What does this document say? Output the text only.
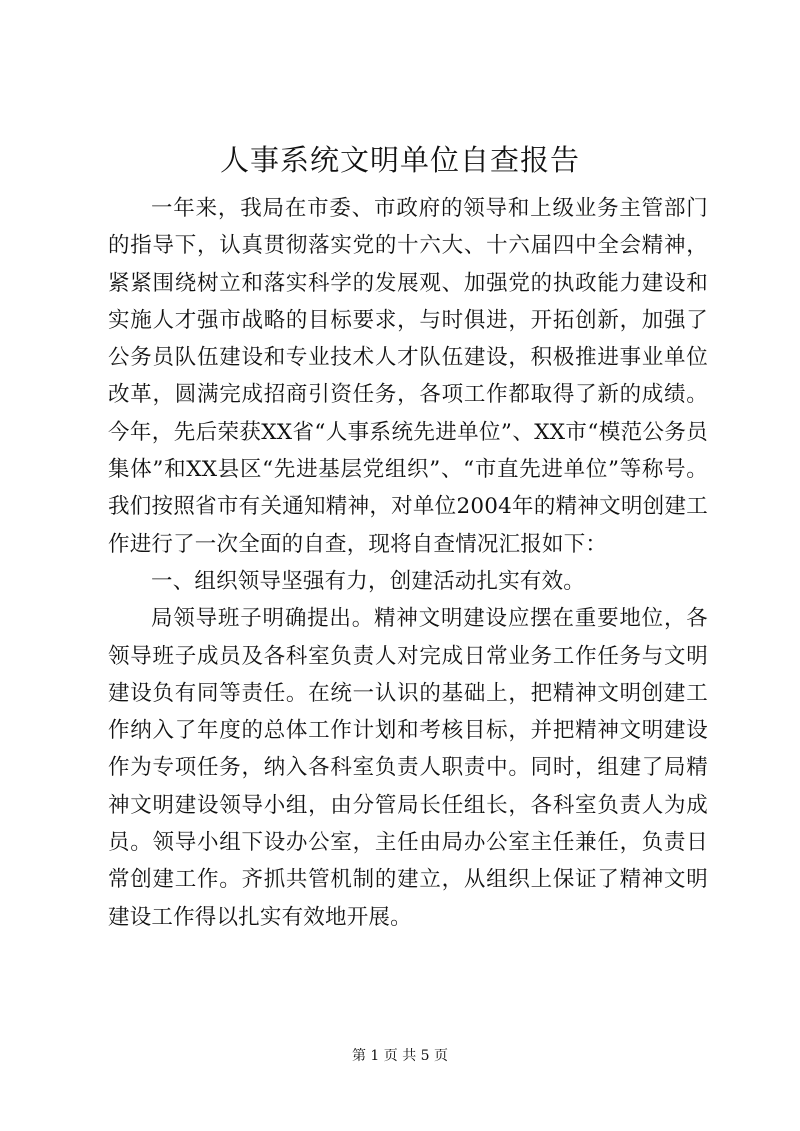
人事系统文明单位自查报告

一年来，我局在市委、市政府的领导和上级业务主管部门的指导下，认真贯彻落实党的十六大、十六届四中全会精神，紧紧围绕树立和落实科学的发展观、加强党的执政能力建设和实施人才强市战略的目标要求，与时俱进，开拓创新，加强了公务员队伍建设和专业技术人才队伍建设，积极推进事业单位改革，圆满完成招商引资任务，各项工作都取得了新的成绩。今年，先后荣获XX省“人事系统先进单位”、XX市“模范公务员集体”和XX县区“先进基层党组织”、“市直先进单位”等称号。我们按照省市有关通知精神，对单位2004年的精神文明创建工作进行了一次全面的自查，现将自查情况汇报如下：

一、组织领导坚强有力，创建活动扎实有效。

局领导班子明确提出。精神文明建设应摆在重要地位，各领导班子成员及各科室负责人对完成日常业务工作任务与文明建设负有同等责任。在统一认识的基础上，把精神文明创建工作纳入了年度的总体工作计划和考核目标，并把精神文明建设作为专项任务，纳入各科室负责人职责中。同时，组建了局精神文明建设领导小组，由分管局长任组长，各科室负责人为成员。领导小组下设办公室，主任由局办公室主任兼任，负责日常创建工作。齐抓共管机制的建立，从组织上保证了精神文明建设工作得以扎实有效地开展。

第 1 页 共 5 页
